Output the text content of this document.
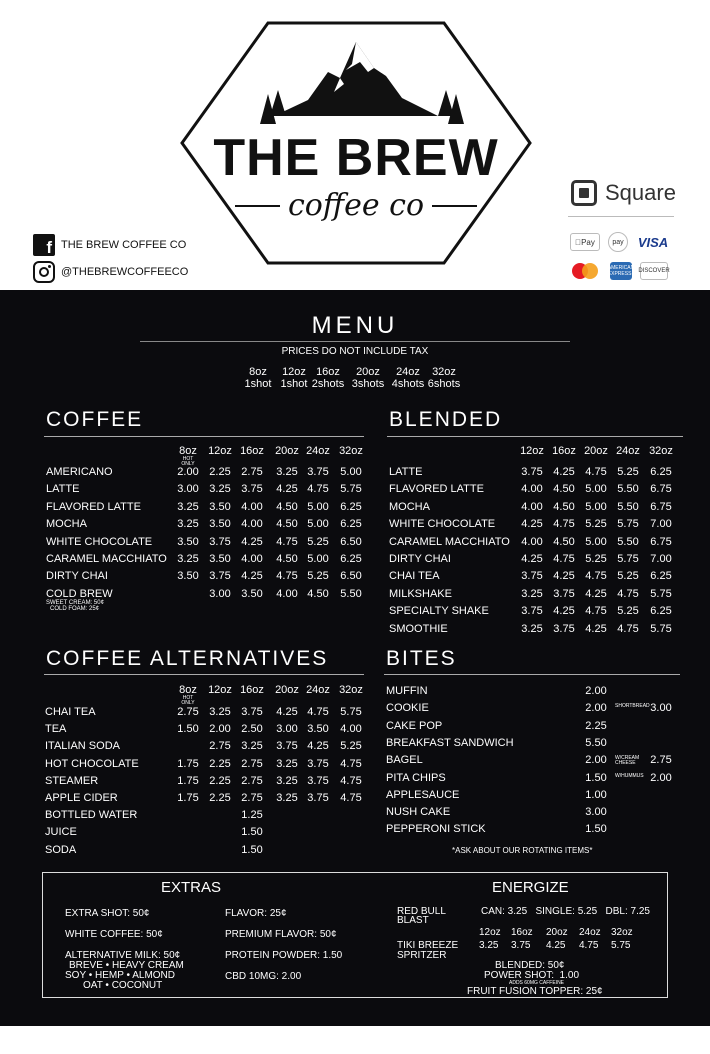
THE BREW
coffee co
f THE BREW COFFEE CO
@THEBREWCOFFEECO
Square
Pay	pay	VISA
AMERICAN EXPRESS DISCOVER
MENU
PRICES DO NOT INCLUDE TAX
8oz
1shot
12oz
1shot
16oz
2shots
20oz
3shots
24oz
4shots
32oz
6shots
COFFEE
8oz	12oz 16oz	20oz 24oz 32oz
HOT ONLY
AMERICANO	2.00 2.25 2.75	3.25 3.75	5.00
LATTE	3.00 3.25 3.75	4.25 4.75	5.75
FLAVORED LATTE	3.25 3.50 4.00	4.50 5.00	6.25
MOCHA	3.25 3.50 4.00	4.50 5.00	6.25
WHITE CHOCOLATE	3.50 3.75 4.25	4.75 5.25	6.50
CARAMEL MACCHIATO 3.25 3.50 4.00	4.50 5.00	6.25
DIRTY CHAI	3.50 3.75 4.25	4.75 5.25	6.50
COLD BREW	3.00 3.50	4.00 4.50	5.50
SWEET CREAM: 50¢
COLD FOAM: 25¢
BLENDED
12oz 16oz 20oz 24oz 32oz
LATTE	3.75 4.25 4.75 5.25	6.25
FLAVORED LATTE	4.00 4.50 5.00 5.50	6.75
MOCHA	4.00 4.50 5.00 5.50	6.75
WHITE CHOCOLATE	4.25 4.75 5.25 5.75	7.00
CARAMEL MACCHIATO	4.00 4.50 5.00 5.50	6.75
DIRTY CHAI	4.25 4.75 5.25 5.75	7.00
CHAI TEA	3.75 4.25 4.75 5.25	6.25
MILKSHAKE	3.25 3.75 4.25 4.75	5.75
SPECIALTY SHAKE	3.75 4.25 4.75 5.25	6.25
SMOOTHIE	3.25 3.75 4.25 4.75	5.75
COFFEE ALTERNATIVES
8oz	12oz 16oz	20oz 24oz 32oz
HOT ONLY
CHAI TEA	2.75 3.25 3.75	4.25 4.75	5.75
TEA	1.50 2.00 2.50	3.00 3.50	4.00
ITALIAN SODA	2.75 3.25	3.75 4.25	5.25
HOT CHOCOLATE	1.75 2.25 2.75	3.25 3.75	4.75
STEAMER	1.75 2.25 2.75	3.25 3.75	4.75
APPLE CIDER	1.75 2.25 2.75	3.25 3.75	4.75
BOTTLED WATER	1.25
JUICE	1.50
SODA	1.50
BITES
MUFFIN	2.00
COOKIE	2.00	SHORTBREAD 3.00
CAKE POP	2.25
BREAKFAST SANDWICH	5.50
BAGEL	2.00	W/CREAM CHEESE	2.75
PITA CHIPS	1.50	W/HUMMUS 2.00
APPLESAUCE	1.00
NUSH CAKE	3.00
PEPPERONI STICK	1.50
*ASK ABOUT OUR ROTATING ITEMS*
EXTRAS
EXTRA SHOT: 50¢
WHITE COFFEE: 50¢
ALTERNATIVE MILK: 50¢
BREVE • HEAVY CREAM
SOY • HEMP • ALMOND
OAT • COCONUT
FLAVOR: 25¢
PREMIUM FLAVOR: 50¢
PROTEIN POWDER: 1.50
CBD 10MG: 2.00
ENERGIZE
RED BULL
BLAST
CAN: 3.25   SINGLE: 5.25   DBL: 7.25
TIKI BREEZE
SPRITZER
12oz
3.25
16oz
3.75
20oz
4.25
24oz
4.75
32oz
5.75
BLENDED: 50¢
POWER SHOT:  1.00
ADDS 60MG CAFFEINE
FRUIT FUSION TOPPER: 25¢
